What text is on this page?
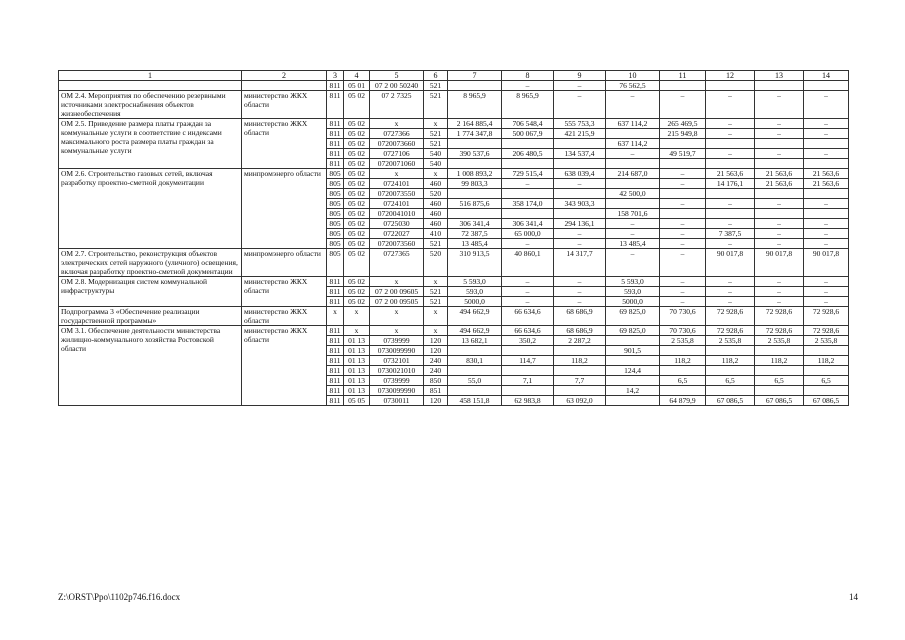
1	2	3	4	5	6	7	8	9	10	11	12	13	14
		811	05 01	07 2 00 50240	521		–	–	76 562,5				
ОМ 2.4. Мероприятия по обеспечению резервными источниками электроснабжения объектов жизнеобеспечения	министерство ЖКХ области	811	05 02	07 2 7325	521	8 965,9	8 965,9	–	–	–	–	–	–
ОМ 2.5. Приведение размера платы граждан за коммунальные услуги в соответствие с индексами максимального роста размера платы граждан за коммунальные услуги	министерство ЖКХ области	811	05 02	х	х	2 164 885,4	706 548,4	555 753,3	637 114,2	265 469,5	–	–	–
		811	05 02	0727366	521	1 774 347,8	500 067,9	421 215,9		215 949,8	–	–	–
		811	05 02	0720073660	521				637 114,2				
		811	05 02	0727106	540	390 537,6	206 480,5	134 537,4	–	49 519,7	–	–	–
		811	05 02	0720071060	540								
ОМ 2.6. Строительство газовых сетей, включая разработку проектно-сметной документации	минпромэнерго области	805	05 02	х	х	1 008 893,2	729 515,4	638 039,4	214 687,0	–	21 563,6	21 563,6	21 563,6
		805	05 02	0724101	460	99 803,3	–	–		–	14 176,1	21 563,6	21 563,6
		805	05 02	0720073550	520				42 500,0				
		805	05 02	0724101	460	516 875,6	358 174,0	343 903,3		–	–	–	–
		805	05 02	0720041010	460				158 701,6				
		805	05 02	0725030	460	306 341,4	306 341,4	294 136,1	–	–	–	–	–
		805	05 02	0722027	410	72 387,5	65 000,0	–	–	–	7 387,5	–	–
		805	05 02	0720073560	521	13 485,4	–	–	13 485,4	–	–	–	–
ОМ 2.7. Строительство, реконструкция объектов электрических сетей наружного (уличного) освещения, включая разработку проектно-сметной документации	минпромэнерго области	805	05 02	0727365	520	310 913,5	40 860,1	14 317,7	–	–	90 017,8	90 017,8	90 017,8
ОМ 2.8. Модернизация систем коммунальной инфраструктуры	министерство ЖКХ области	811	05 02	х	х	5 593,0	–	–	5 593,0	–	–	–	–
		811	05 02	07 2 00 09605	521	593,0	–	–	593,0	–	–	–	–
		811	05 02	07 2 00 09505	521	5000,0	–	–	5000,0	–	–	–	–
Подпрограмма 3 «Обеспечение реализации государственной программы»	министерство ЖКХ области	х	х	х	х	494 662,9	66 634,6	68 686,9	69 825,0	70 730,6	72 928,6	72 928,6	72 928,6
ОМ 3.1. Обеспечение деятельности министерства жилищно-коммунального хозяйства Ростовской области	министерство ЖКХ области	811	х	х	х	494 662,9	66 634,6	68 686,9	69 825,0	70 730,6	72 928,6	72 928,6	72 928,6
		811	01 13	0739999	120	13 682,1	350,2	2 287,2		2 535,8	2 535,8	2 535,8	2 535,8
		811	01 13	0730099990	120				901,5				
		811	01 13	0732101	240	830,1	114,7	118,2		118,2	118,2	118,2	118,2
		811	01 13	0730021010	240				124,4				
		811	01 13	0739999	850	55,0	7,1	7,7		6,5	6,5	6,5	6,5
		811	01 13	0730099990	851				14,2				
		811	05 05	0730011	120	458 151,8	62 983,8	63 092,0		64 879,9	67 086,5	67 086,5	67 086,5
Z:\ORST\Ppo\1102p746.f16.docx	14
